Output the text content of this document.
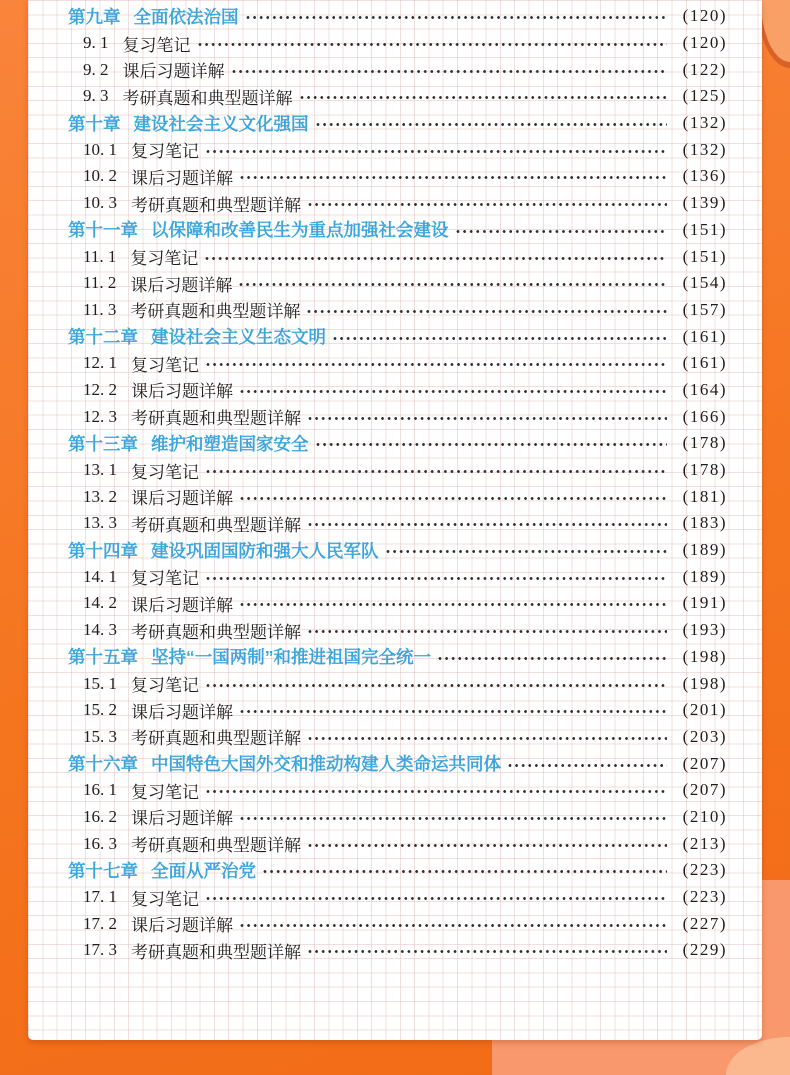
第九章 全面依法治国	(120)
9. 1 复习笔记	(120)
9. 2 课后习题详解	(122)
9. 3 考研真题和典型题详解	(125)
第十章 建设社会主义文化强国	(132)
10. 1 复习笔记	(132)
10. 2 课后习题详解	(136)
10. 3 考研真题和典型题详解	(139)
第十一章 以保障和改善民生为重点加强社会建设	(151)
11. 1 复习笔记	(151)
11. 2 课后习题详解	(154)
11. 3 考研真题和典型题详解	(157)
第十二章 建设社会主义生态文明	(161)
12. 1 复习笔记	(161)
12. 2 课后习题详解	(164)
12. 3 考研真题和典型题详解	(166)
第十三章 维护和塑造国家安全	(178)
13. 1 复习笔记	(178)
13. 2 课后习题详解	(181)
13. 3 考研真题和典型题详解	(183)
第十四章 建设巩固国防和强大人民军队	(189)
14. 1 复习笔记	(189)
14. 2 课后习题详解	(191)
14. 3 考研真题和典型题详解	(193)
第十五章 坚持“一国两制”和推进祖国完全统一	(198)
15. 1 复习笔记	(198)
15. 2 课后习题详解	(201)
15. 3 考研真题和典型题详解	(203)
第十六章 中国特色大国外交和推动构建人类命运共同体	(207)
16. 1 复习笔记	(207)
16. 2 课后习题详解	(210)
16. 3 考研真题和典型题详解	(213)
第十七章 全面从严治党	(223)
17. 1 复习笔记	(223)
17. 2 课后习题详解	(227)
17. 3 考研真题和典型题详解	(229)
